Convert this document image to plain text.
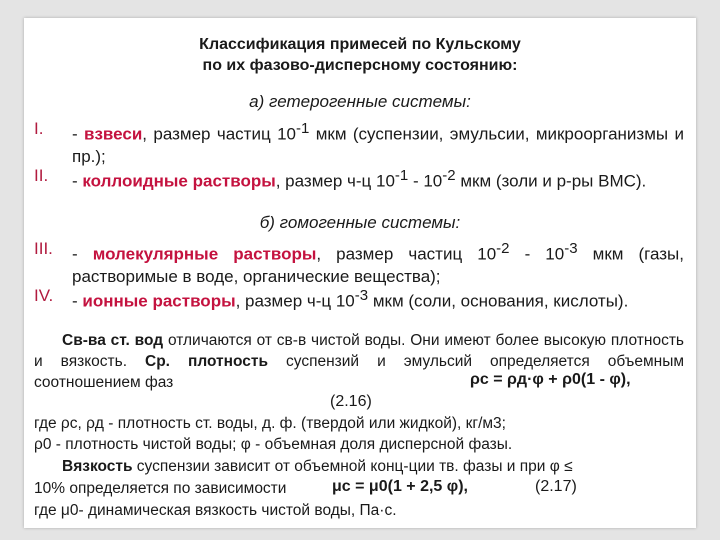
Классификация примесей по Кульскому
по их фазово-дисперсному состоянию:
а) гетерогенные системы:
I. - взвеси, размер частиц $10^{-1}$ мкм (суспензии, эмульсии, микроорганизмы и пр.);
II. - коллоидные растворы, размер ч-ц $10^{-1} - 10^{-2}$ мкм (золи и р-ры ВМС).
б) гомогенные системы:
III. - молекулярные растворы, размер частиц $10^{-2} - 10^{-3}$ мкм (газы, растворимые в воде, органические вещества);
IV. - ионные растворы, размер ч-ц $10^{-3}$ мкм (соли, основания, кислоты).
Св-ва ст. вод отличаются от св-в чистой воды. Они имеют более высокую плотность и вязкость. Ср. плотность суспензий и эмульсий определяется объемным соотношением фаз	ρс = ρд·φ + ρ0(1 - φ),
(2.16)
где ρс, ρд - плотность ст. воды, д. ф. (твердой или жидкой), кг/м3;
ρ0 - плотность чистой воды; φ - объемная доля дисперсной фазы.
Вязкость суспензии зависит от объемной конц-ции тв. фазы и при φ ≤
10% определяется по зависимости	μс = μ0(1 + 2,5 φ),	(2.17)
где μ0- динамическая вязкость чистой воды, Па·с.
